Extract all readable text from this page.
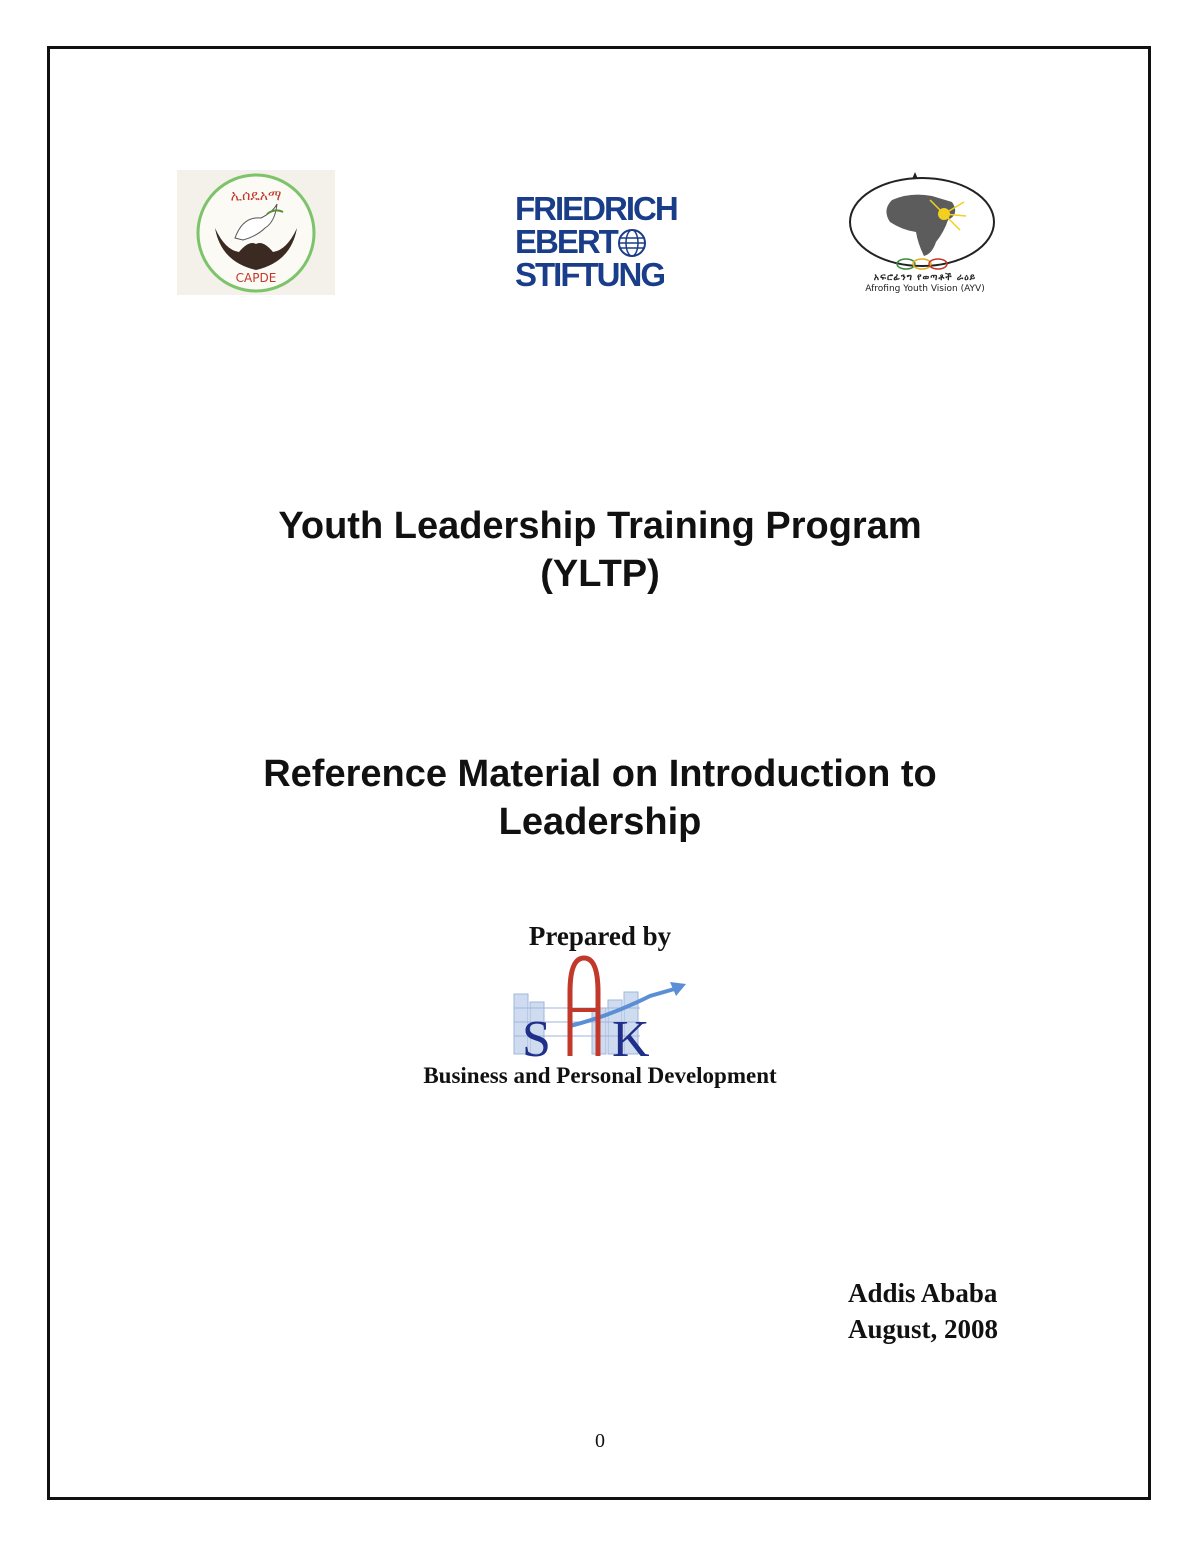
ኢሰዴአማ
CAPDE
FRIEDRICH
EBERT
STIFTUNG	አፍሮፊንግ የወጣቶች ራዕይ
Afrofing Youth Vision (AYV)
Youth Leadership Training Program
(YLTP)
Reference Material on Introduction to
Leadership
Prepared by
S K
Business and Personal Development
Addis Ababa
August, 2008
0
